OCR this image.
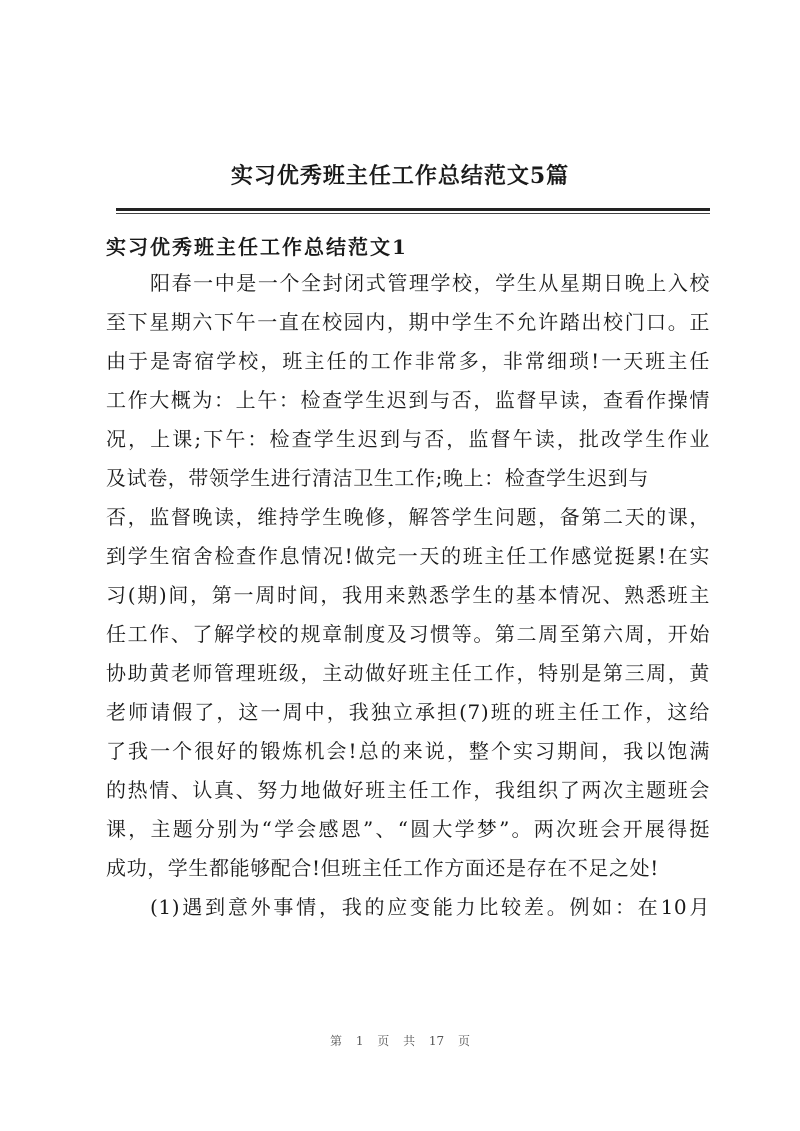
实习优秀班主任工作总结范文5篇
实习优秀班主任工作总结范文1
阳春一中是一个全封闭式管理学校，学生从星期日晚上入校
至下星期六下午一直在校园内，期中学生不允许踏出校门口。正
由于是寄宿学校，班主任的工作非常多，非常细琐!一天班主任
工作大概为：上午：检查学生迟到与否，监督早读，查看作操情
况，上课;下午：检查学生迟到与否，监督午读，批改学生作业
及试卷，带领学生进行清洁卫生工作;晚上：检查学生迟到与
否，监督晚读，维持学生晚修，解答学生问题，备第二天的课，
到学生宿舍检查作息情况!做完一天的班主任工作感觉挺累!在实
习(期)间，第一周时间，我用来熟悉学生的基本情况、熟悉班主
任工作、了解学校的规章制度及习惯等。第二周至第六周，开始
协助黄老师管理班级，主动做好班主任工作，特别是第三周，黄
老师请假了，这一周中，我独立承担(7)班的班主任工作，这给
了我一个很好的锻炼机会!总的来说，整个实习期间，我以饱满
的热情、认真、努力地做好班主任工作，我组织了两次主题班会
课，主题分别为“学会感恩”、“圆大学梦”。两次班会开展得挺
成功，学生都能够配合!但班主任工作方面还是存在不足之处!
(1)遇到意外事情，我的应变能力比较差。例如：在10月
第 1 页 共 17 页
